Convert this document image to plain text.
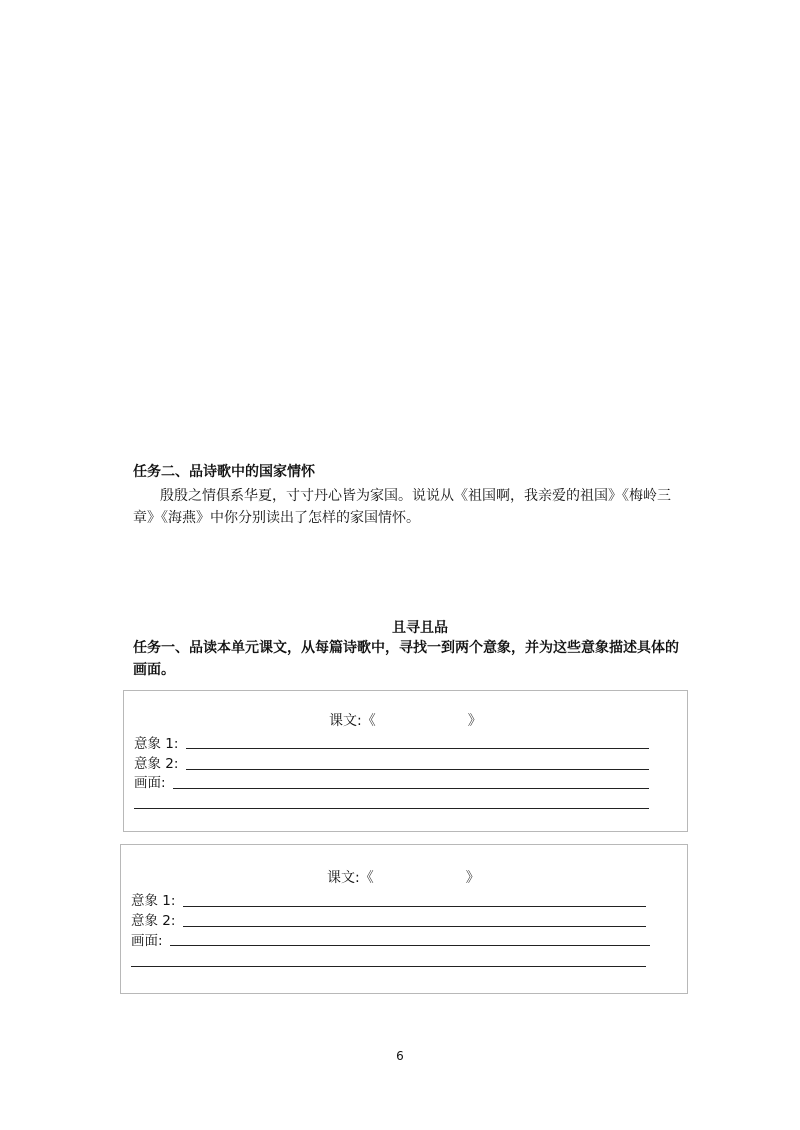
任务二、品诗歌中的国家情怀
殷殷之情俱系华夏，寸寸丹心皆为家国。说说从《祖国啊，我亲爱的祖国》《梅岭三
章》《海燕》中你分别读出了怎样的家国情怀。
且寻且品
任务一、品读本单元课文，从每篇诗歌中，寻找一到两个意象，并为这些意象描述具体的
画面。
课文:《	》
意象 1:
意象 2:
画面:
课文:《	》
意象 1:
意象 2:
画面:
6
